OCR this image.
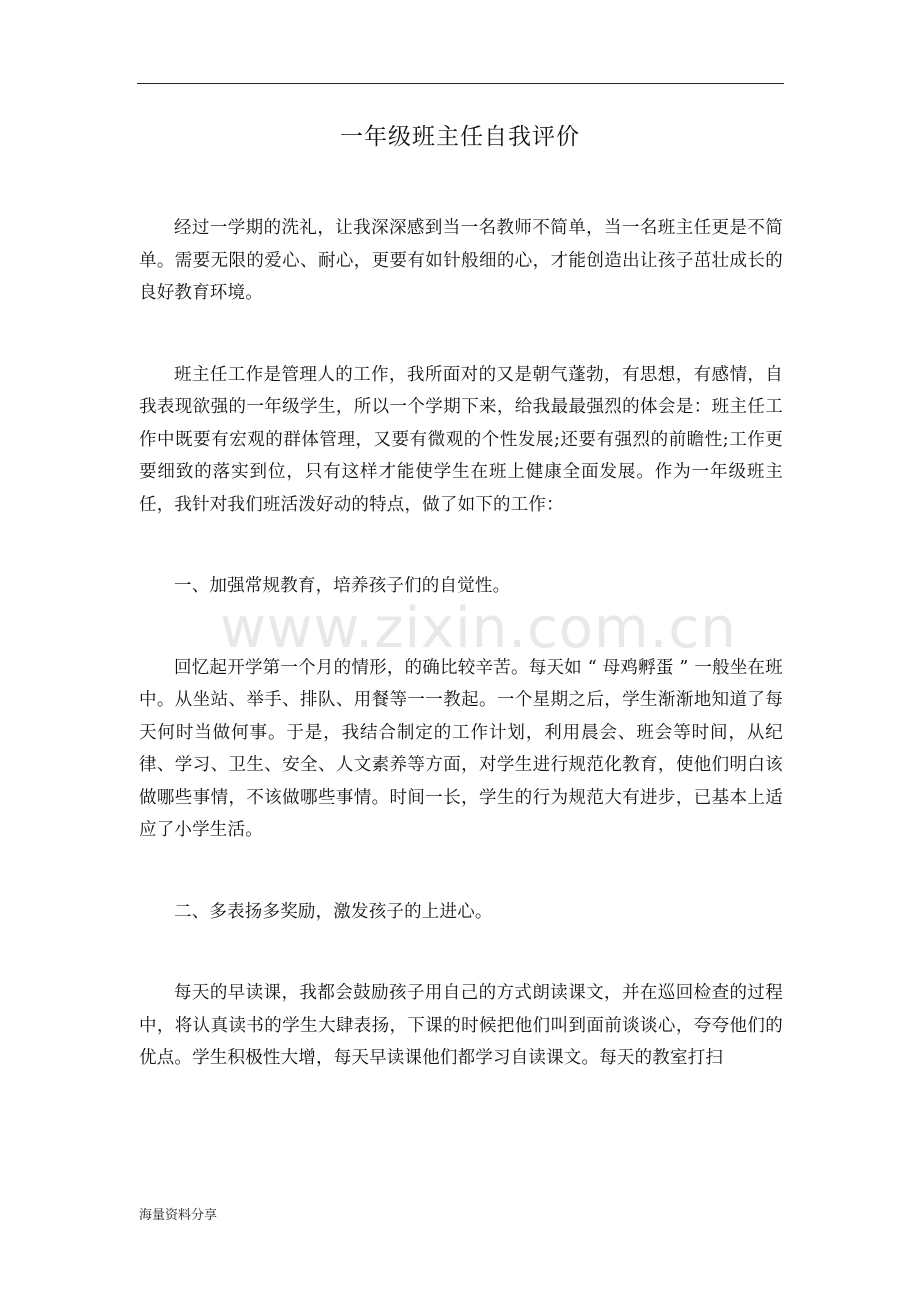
一年级班主任自我评价

经过一学期的洗礼，让我深深感到当一名教师不简单，当一名班主任更是不简单。需要无限的爱心、耐心，更要有如针般细的心，才能创造出让孩子茁壮成长的良好教育环境。

班主任工作是管理人的工作，我所面对的又是朝气蓬勃，有思想，有感情，自我表现欲强的一年级学生，所以一个学期下来，给我最最强烈的体会是：班主任工作中既要有宏观的群体管理，又要有微观的个性发展;还要有强烈的前瞻性;工作更要细致的落实到位，只有这样才能使学生在班上健康全面发展。作为一年级班主任，我针对我们班活泼好动的特点，做了如下的工作：

一、加强常规教育，培养孩子们的自觉性。

回忆起开学第一个月的情形，的确比较辛苦。每天如 “ 母鸡孵蛋 ” 一般坐在班中。从坐站、举手、排队、用餐等一一教起。一个星期之后，学生渐渐地知道了每天何时当做何事。于是，我结合制定的工作计划，利用晨会、班会等时间，从纪律、学习、卫生、安全、人文素养等方面，对学生进行规范化教育，使他们明白该做哪些事情，不该做哪些事情。时间一长，学生的行为规范大有进步，已基本上适应了小学生活。

二、多表扬多奖励，激发孩子的上进心。

每天的早读课，我都会鼓励孩子用自己的方式朗读课文，并在巡回检查的过程中，将认真读书的学生大肆表扬，下课的时候把他们叫到面前谈谈心，夸夸他们的优点。学生积极性大增，每天早读课他们都学习自读课文。每天的教室打扫

www.zixin.com.cn
海量资料分享
